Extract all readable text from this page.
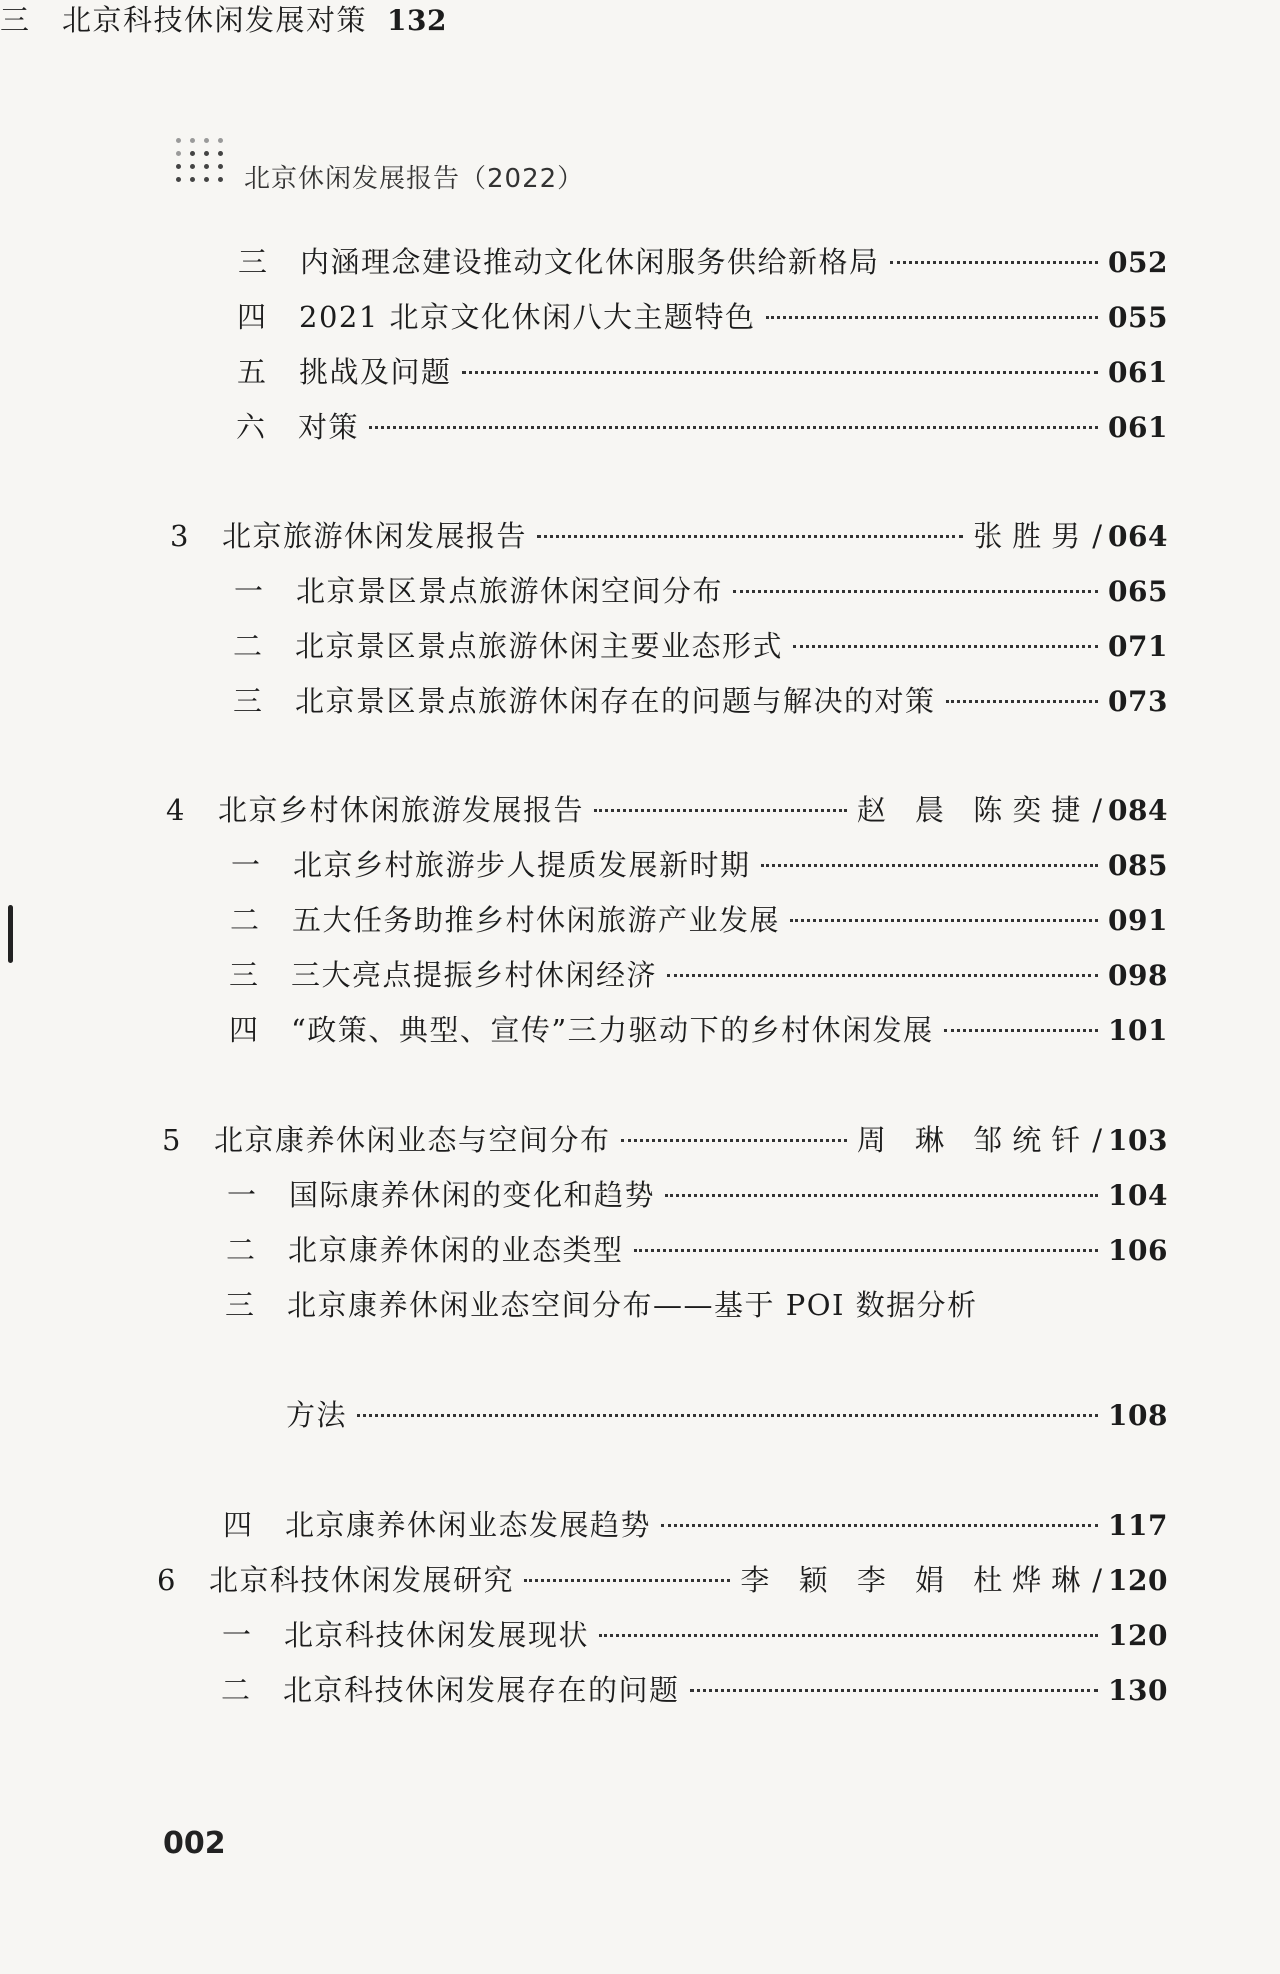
北京休闲发展报告（2022）
三	内涵理念建设推动文化休闲服务供给新格局	052
四	2021 北京文化休闲八大主题特色	055
五	挑战及问题	061
六	对策	061
3	北京旅游休闲发展报告	张胜男 / 064
一	北京景区景点旅游休闲空间分布	065
二	北京景区景点旅游休闲主要业态形式	071
三	北京景区景点旅游休闲存在的问题与解决的对策	073
4	北京乡村休闲旅游发展报告	赵 晨 陈奕捷 / 084
一	北京乡村旅游步人提质发展新时期	085
二	五大任务助推乡村休闲旅游产业发展	091
三	三大亮点提振乡村休闲经济	098
四	“政策、典型、宣传”三力驱动下的乡村休闲发展	101
5	北京康养休闲业态与空间分布	周 琳 邹统钎 / 103
一	国际康养休闲的变化和趋势	104
二	北京康养休闲的业态类型	106
三	北京康养休闲业态空间分布——基于 POI 数据分析
方法	108
四	北京康养休闲业态发展趋势	117
6	北京科技休闲发展研究	李 颖 李 娟 杜烨琳 / 120
一	北京科技休闲发展现状	120
二	北京科技休闲发展存在的问题	130
三	北京科技休闲发展对策 132
002
